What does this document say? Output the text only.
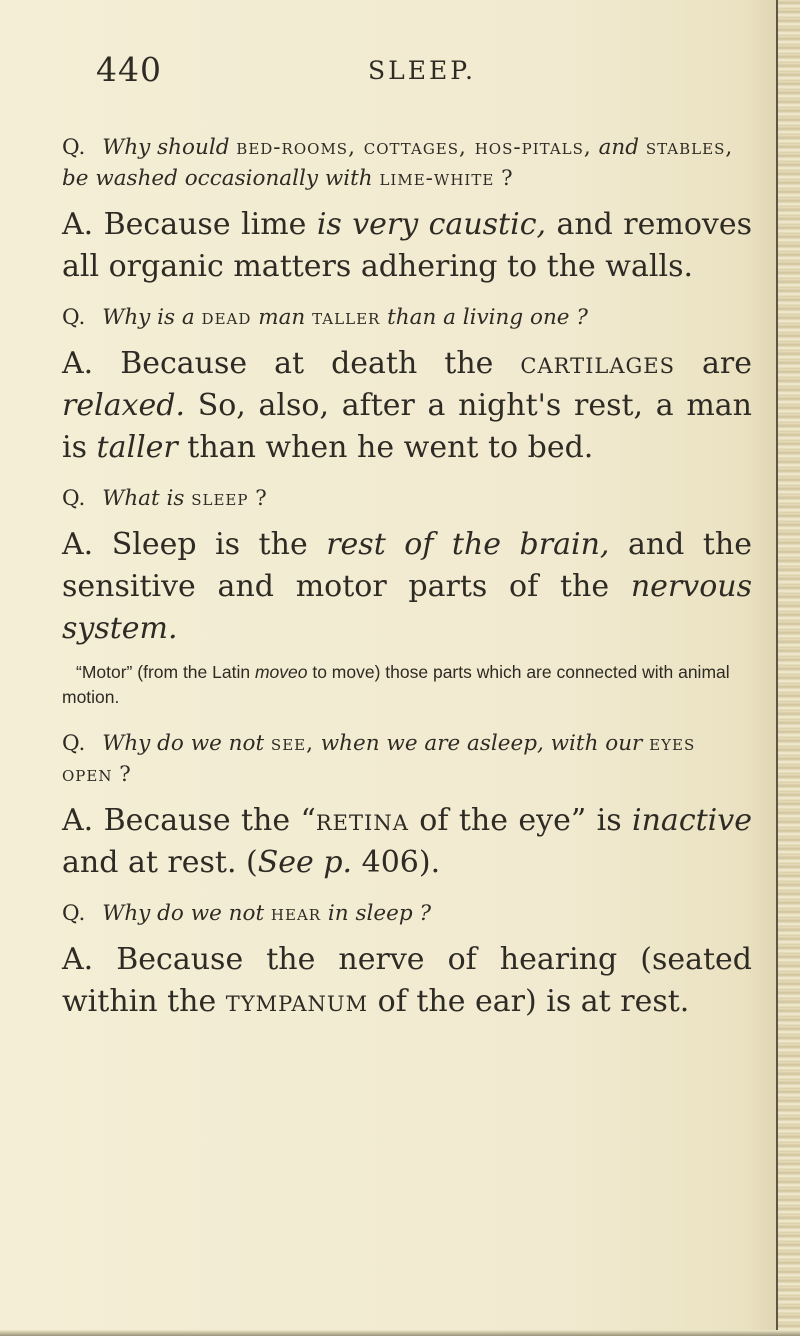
440	SLEEP.

Q. Why should bed-rooms, cottages, hos-pitals, and stables, be washed occasionally with lime-white ?

A. Because lime is very caustic, and removes all organic matters adhering to the walls.

Q. Why is a dead man taller than a living one ?

A. Because at death the cartilages are relaxed. So, also, after a night's rest, a man is taller than when he went to bed.

Q. What is sleep ?

A. Sleep is the rest of the brain, and the sensitive and motor parts of the nervous system.

“Motor” (from the Latin moveo to move) those parts which are connected with animal motion.

Q. Why do we not see, when we are asleep, with our eyes open ?

A. Because the “retina of the eye” is inactive and at rest. (See p. 406).

Q. Why do we not hear in sleep ?

A. Because the nerve of hearing (seated within the tympanum of the ear) is at rest.
